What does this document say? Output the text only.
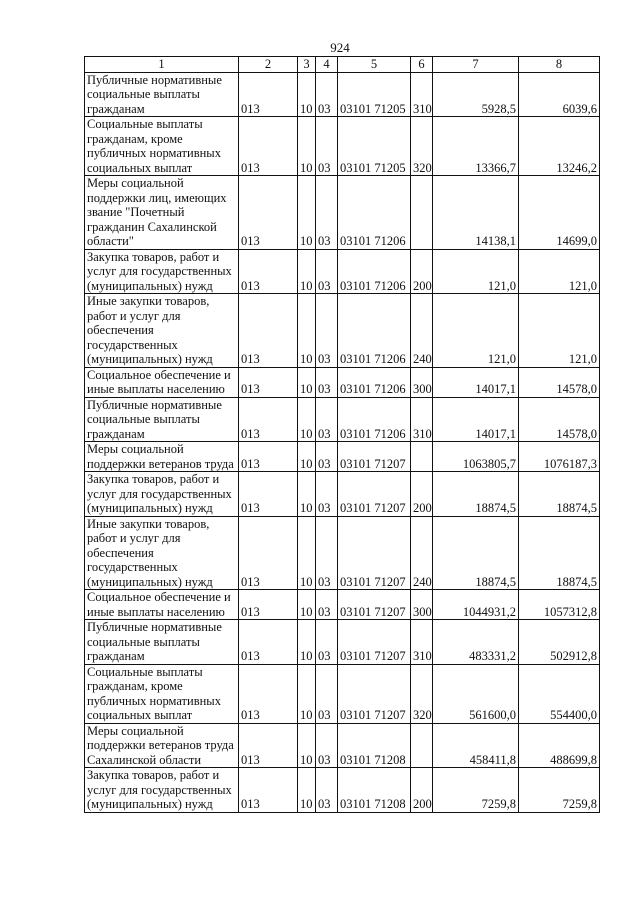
924
1	2	3	4	5	6	7	8
Публичные нормативные социальные выплаты гражданам	013	10	03	03101 71205	310	5928,5	6039,6
Социальные выплаты гражданам, кроме публичных нормативных социальных выплат	013	10	03	03101 71205	320	13366,7	13246,2
Меры социальной поддержки лиц, имеющих звание "Почетный гражданин Сахалинской области"	013	10	03	03101 71206		14138,1	14699,0
Закупка товаров, работ и услуг для государственных (муниципальных) нужд	013	10	03	03101 71206	200	121,0	121,0
Иные закупки товаров, работ и услуг для обеспечения государственных (муниципальных) нужд	013	10	03	03101 71206	240	121,0	121,0
Социальное обеспечение и иные выплаты населению	013	10	03	03101 71206	300	14017,1	14578,0
Публичные нормативные социальные выплаты гражданам	013	10	03	03101 71206	310	14017,1	14578,0
Меры социальной поддержки ветеранов труда	013	10	03	03101 71207		1063805,7	1076187,3
Закупка товаров, работ и услуг для государственных (муниципальных) нужд	013	10	03	03101 71207	200	18874,5	18874,5
Иные закупки товаров, работ и услуг для обеспечения государственных (муниципальных) нужд	013	10	03	03101 71207	240	18874,5	18874,5
Социальное обеспечение и иные выплаты населению	013	10	03	03101 71207	300	1044931,2	1057312,8
Публичные нормативные социальные выплаты гражданам	013	10	03	03101 71207	310	483331,2	502912,8
Социальные выплаты гражданам, кроме публичных нормативных социальных выплат	013	10	03	03101 71207	320	561600,0	554400,0
Меры социальной поддержки ветеранов труда Сахалинской области	013	10	03	03101 71208		458411,8	488699,8
Закупка товаров, работ и услуг для государственных (муниципальных) нужд	013	10	03	03101 71208	200	7259,8	7259,8
